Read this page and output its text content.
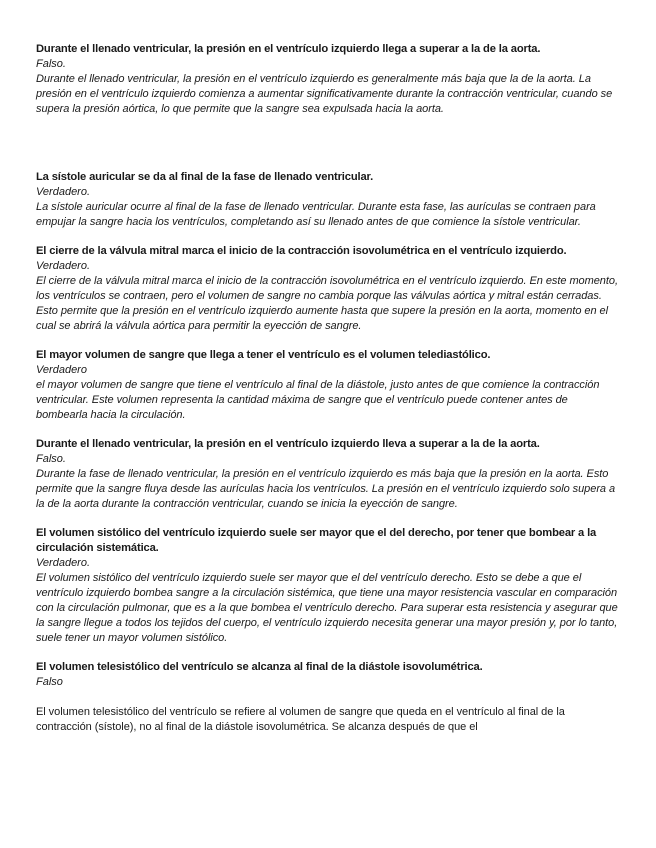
Durante el llenado ventricular, la presión en el ventrículo izquierdo llega a superar a la de la aorta.

Falso.

Durante el llenado ventricular, la presión en el ventrículo izquierdo es generalmente más baja que la de la aorta. La presión en el ventrículo izquierdo comienza a aumentar significativamente durante la contracción ventricular, cuando se supera la presión aórtica, lo que permite que la sangre sea expulsada hacia la aorta.

La sístole auricular se da al final de la fase de llenado ventricular.

Verdadero.

La sístole auricular ocurre al final de la fase de llenado ventricular. Durante esta fase, las aurículas se contraen para empujar la sangre hacia los ventrículos, completando así su llenado antes de que comience la sístole ventricular.

El cierre de la válvula mitral marca el inicio de la contracción isovolumétrica en el ventrículo izquierdo.

Verdadero.

El cierre de la válvula mitral marca el inicio de la contracción isovolumétrica en el ventrículo izquierdo. En este momento, los ventrículos se contraen, pero el volumen de sangre no cambia porque las válvulas aórtica y mitral están cerradas. Esto permite que la presión en el ventrículo izquierdo aumente hasta que supere la presión en la aorta, momento en el cual se abrirá la válvula aórtica para permitir la eyección de sangre.

El mayor volumen de sangre que llega a tener el ventrículo es el volumen telediastólico.

Verdadero

el mayor volumen de sangre que tiene el ventrículo al final de la diástole, justo antes de que comience la contracción ventricular. Este volumen representa la cantidad máxima de sangre que el ventrículo puede contener antes de bombearla hacia la circulación.

Durante el llenado ventricular, la presión en el ventrículo izquierdo lleva a superar a la de la aorta.

Falso.

Durante la fase de llenado ventricular, la presión en el ventrículo izquierdo es más baja que la presión en la aorta. Esto permite que la sangre fluya desde las aurículas hacia los ventrículos. La presión en el ventrículo izquierdo solo supera a la de la aorta durante la contracción ventricular, cuando se inicia la eyección de sangre.

El volumen sistólico del ventrículo izquierdo suele ser mayor que el del derecho, por tener que bombear a la circulación sistemática.

Verdadero.

El volumen sistólico del ventrículo izquierdo suele ser mayor que el del ventrículo derecho. Esto se debe a que el ventrículo izquierdo bombea sangre a la circulación sistémica, que tiene una mayor resistencia vascular en comparación con la circulación pulmonar, que es a la que bombea el ventrículo derecho. Para superar esta resistencia y asegurar que la sangre llegue a todos los tejidos del cuerpo, el ventrículo izquierdo necesita generar una mayor presión y, por lo tanto, suele tener un mayor volumen sistólico.

El volumen telesistólico del ventrículo se alcanza al final de la diástole isovolumétrica.

Falso

El volumen telesistólico del ventrículo se refiere al volumen de sangre que queda en el ventrículo al final de la contracción (sístole), no al final de la diástole isovolumétrica. Se alcanza después de que el
